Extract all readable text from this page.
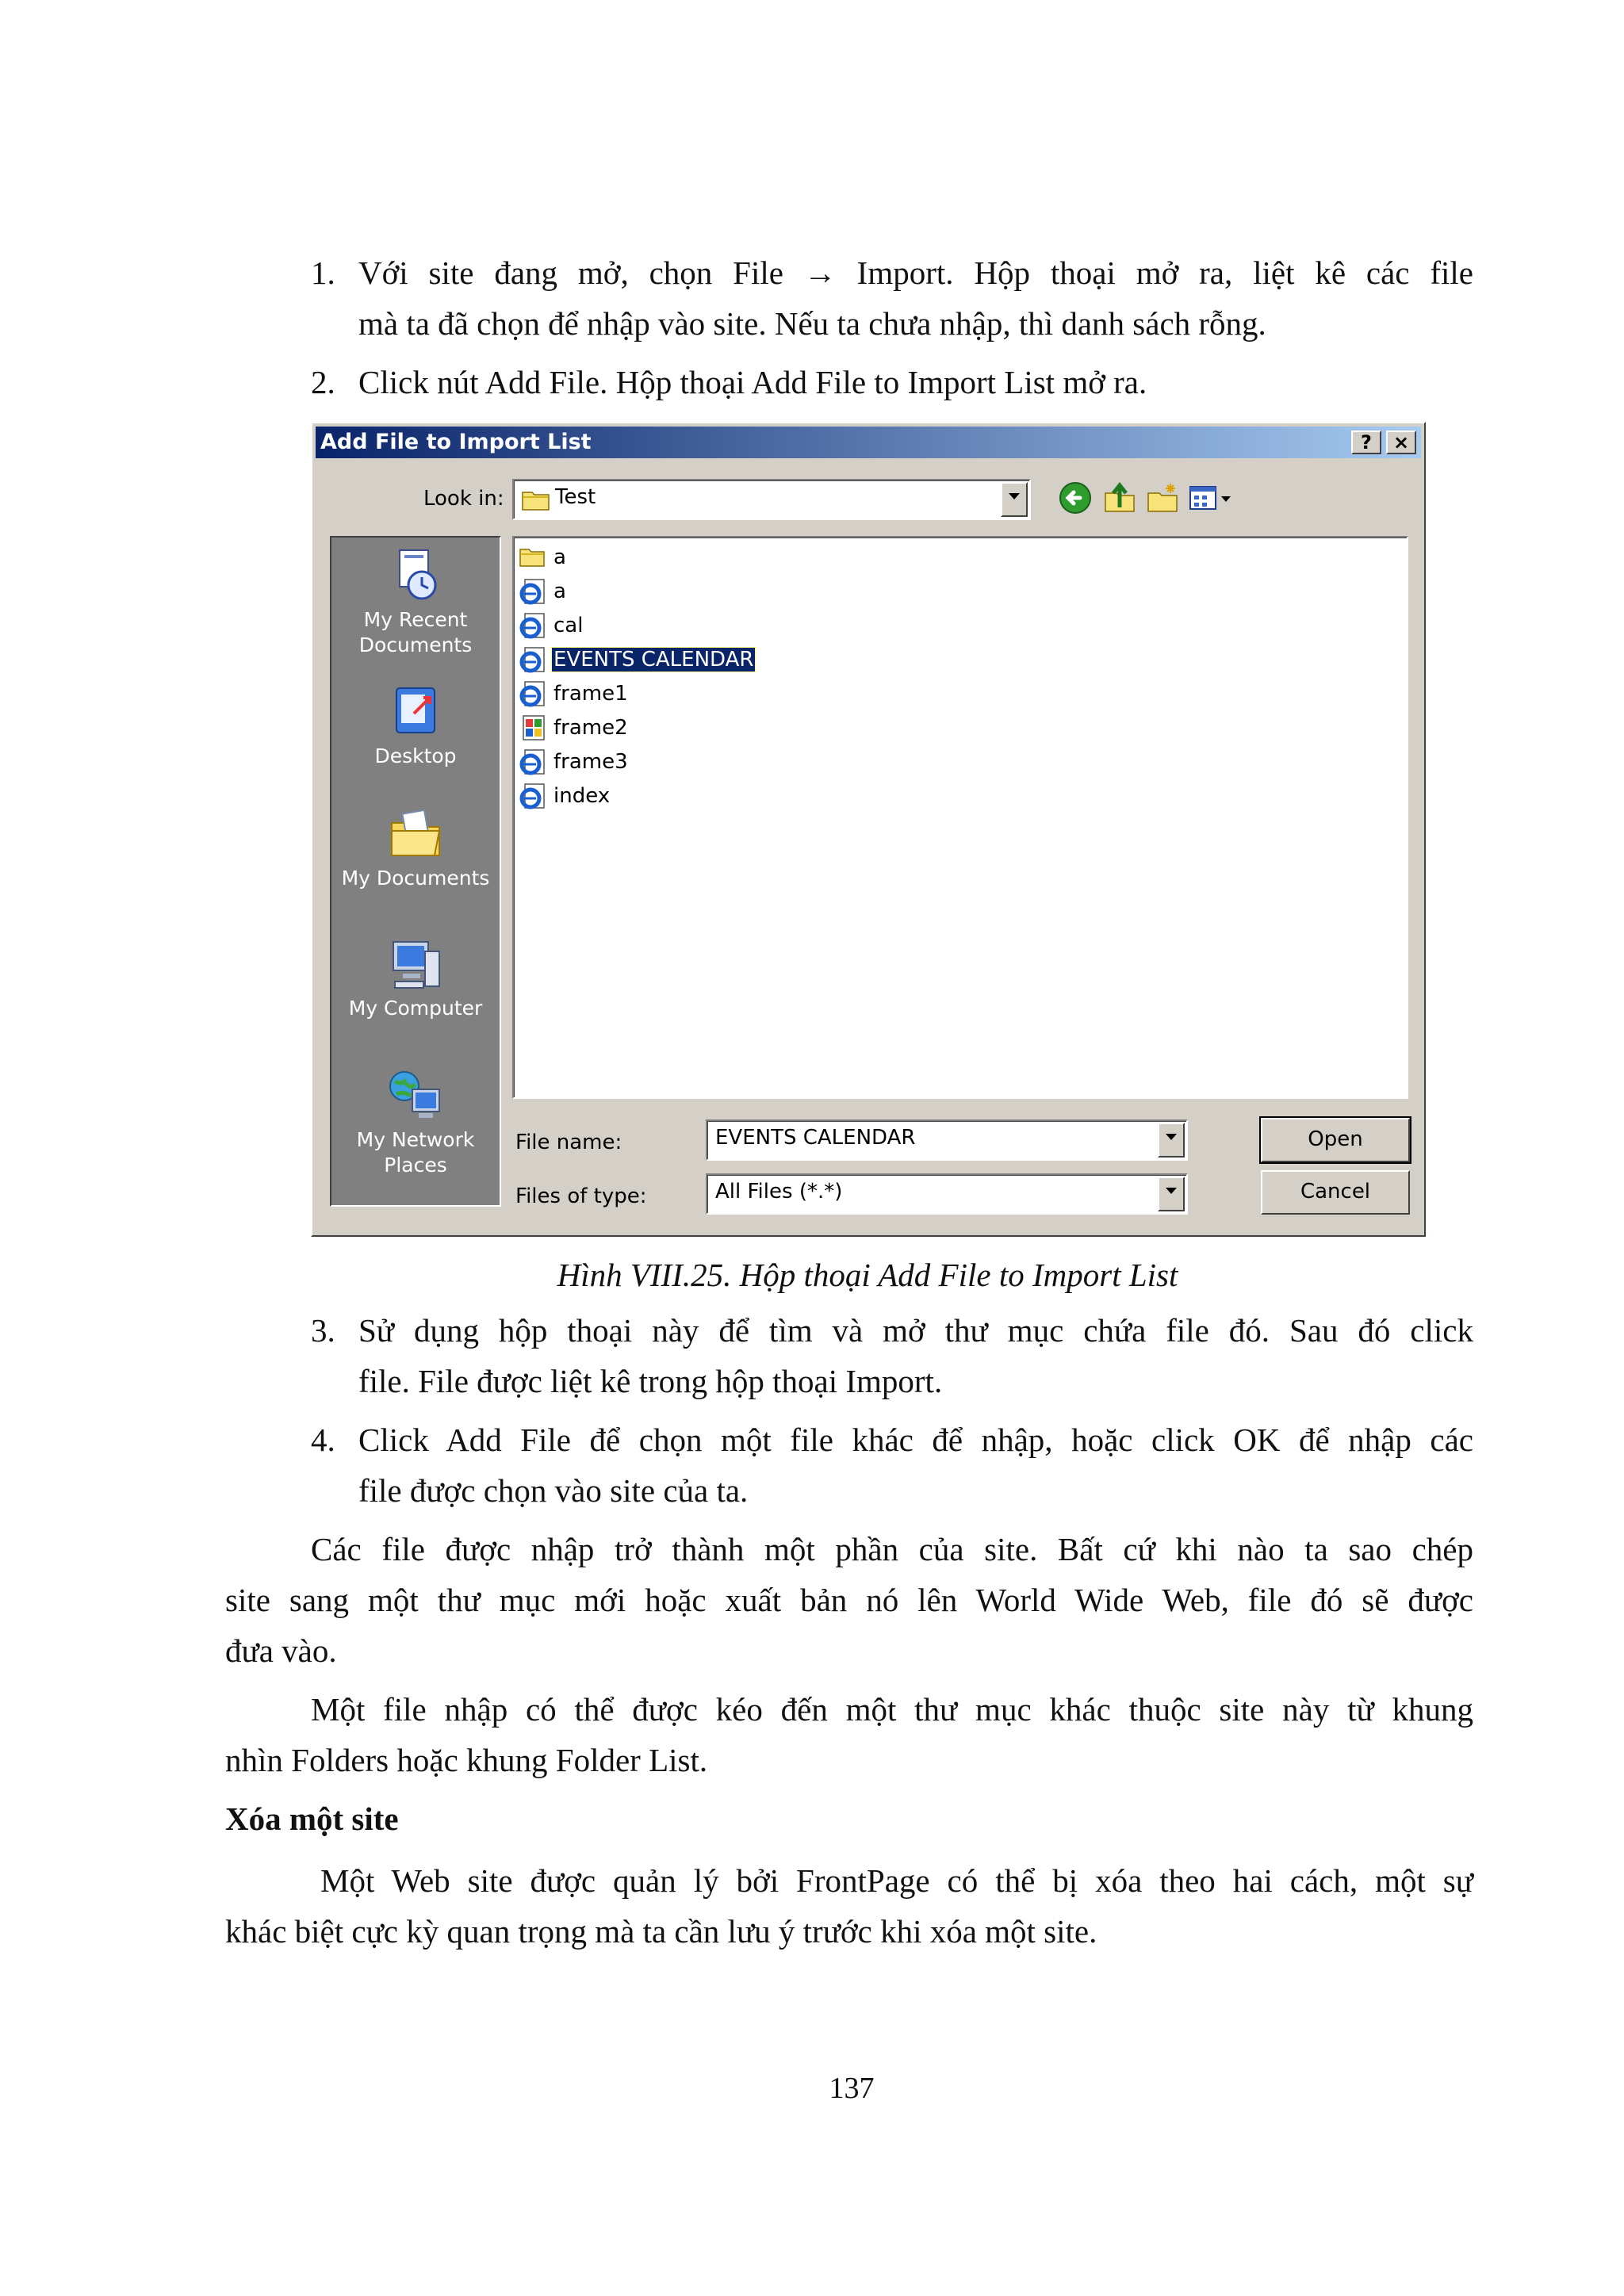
1. Với site đang mở, chọn File → Import. Hộp thoại mở ra, liệt kê các file
mà ta đã chọn để nhập vào site. Nếu ta chưa nhập, thì danh sách rỗng.
2. Click nút Add File. Hộp thoại Add File to Import List mở ra.
Add File to Import List	?	×
Look in: Test
My Recent
Documents
Desktop
My Documents
My Computer
My Network
Places
a
a
cal
EVENTS CALENDAR
frame1
frame2
frame3
index
File name:	EVENTS CALENDAR
Files of type:	All Files (*.*)
Open
Cancel
Hình VIII.25. Hộp thoại Add File to Import List
3. Sử dụng hộp thoại này để tìm và mở thư mục chứa file đó. Sau đó click
file. File được liệt kê trong hộp thoại Import.
4. Click Add File để chọn một file khác để nhập, hoặc click OK để nhập các
file được chọn vào site của ta.
Các file được nhập trở thành một phần của site. Bất cứ khi nào ta sao chép
site sang một thư mục mới hoặc xuất bản nó lên World Wide Web, file đó sẽ được
đưa vào.
Một file nhập có thể được kéo đến một thư mục khác thuộc site này từ khung
nhìn Folders hoặc khung Folder List.
Xóa một site
Một Web site được quản lý bởi FrontPage có thể bị xóa theo hai cách, một sự
khác biệt cực kỳ quan trọng mà ta cần lưu ý trước khi xóa một site.
137
